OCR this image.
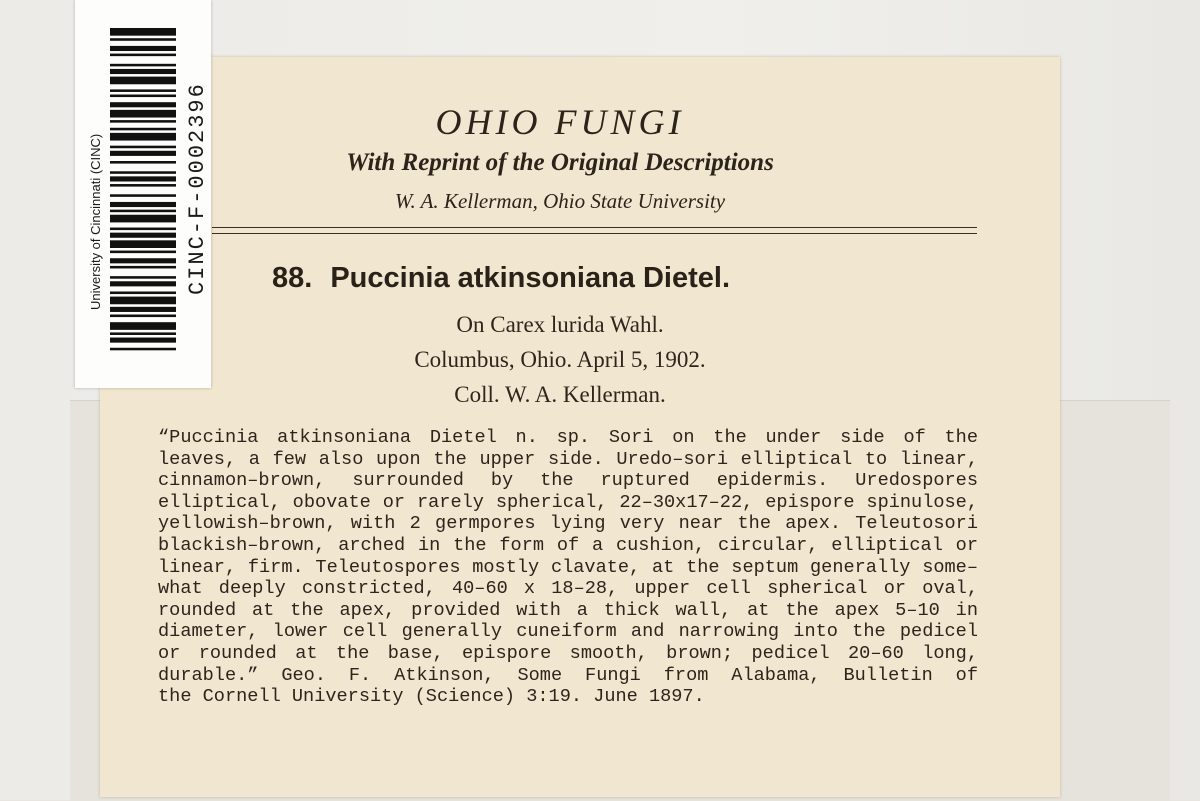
OHIO FUNGI
With Reprint of the Original Descriptions
W. A. Kellerman, Ohio State University
88. Puccinia atkinsoniana Dietel.
On Carex lurida Wahl.
Columbus, Ohio. April 5, 1902.
Coll. W. A. Kellerman.
“Puccinia atkinsoniana Dietel n. sp. Sori on the under side of the
leaves, a few also upon the upper side. Uredo–sori elliptical to linear,
cinnamon–brown, surrounded by the ruptured epidermis. Uredospores
elliptical, obovate or rarely spherical, 22–30x17–22, epispore spinulose,
yellowish–brown, with 2 germpores lying very near the apex. Teleutosori
blackish–brown, arched in the form of a cushion, circular, elliptical or
linear, firm. Teleutospores mostly clavate, at the septum generally some–
what deeply constricted, 40–60 x 18–28, upper cell spherical or oval,
rounded at the apex, provided with a thick wall, at the apex 5–10 in
diameter, lower cell generally cuneiform and narrowing into the pedicel
or rounded at the base, epispore smooth, brown; pedicel 20–60 long,
durable.” Geo. F. Atkinson, Some Fungi from Alabama, Bulletin of
the Cornell University (Science) 3:19. June 1897.
University of Cincinnati (CINC)	CINC-F-0002396
